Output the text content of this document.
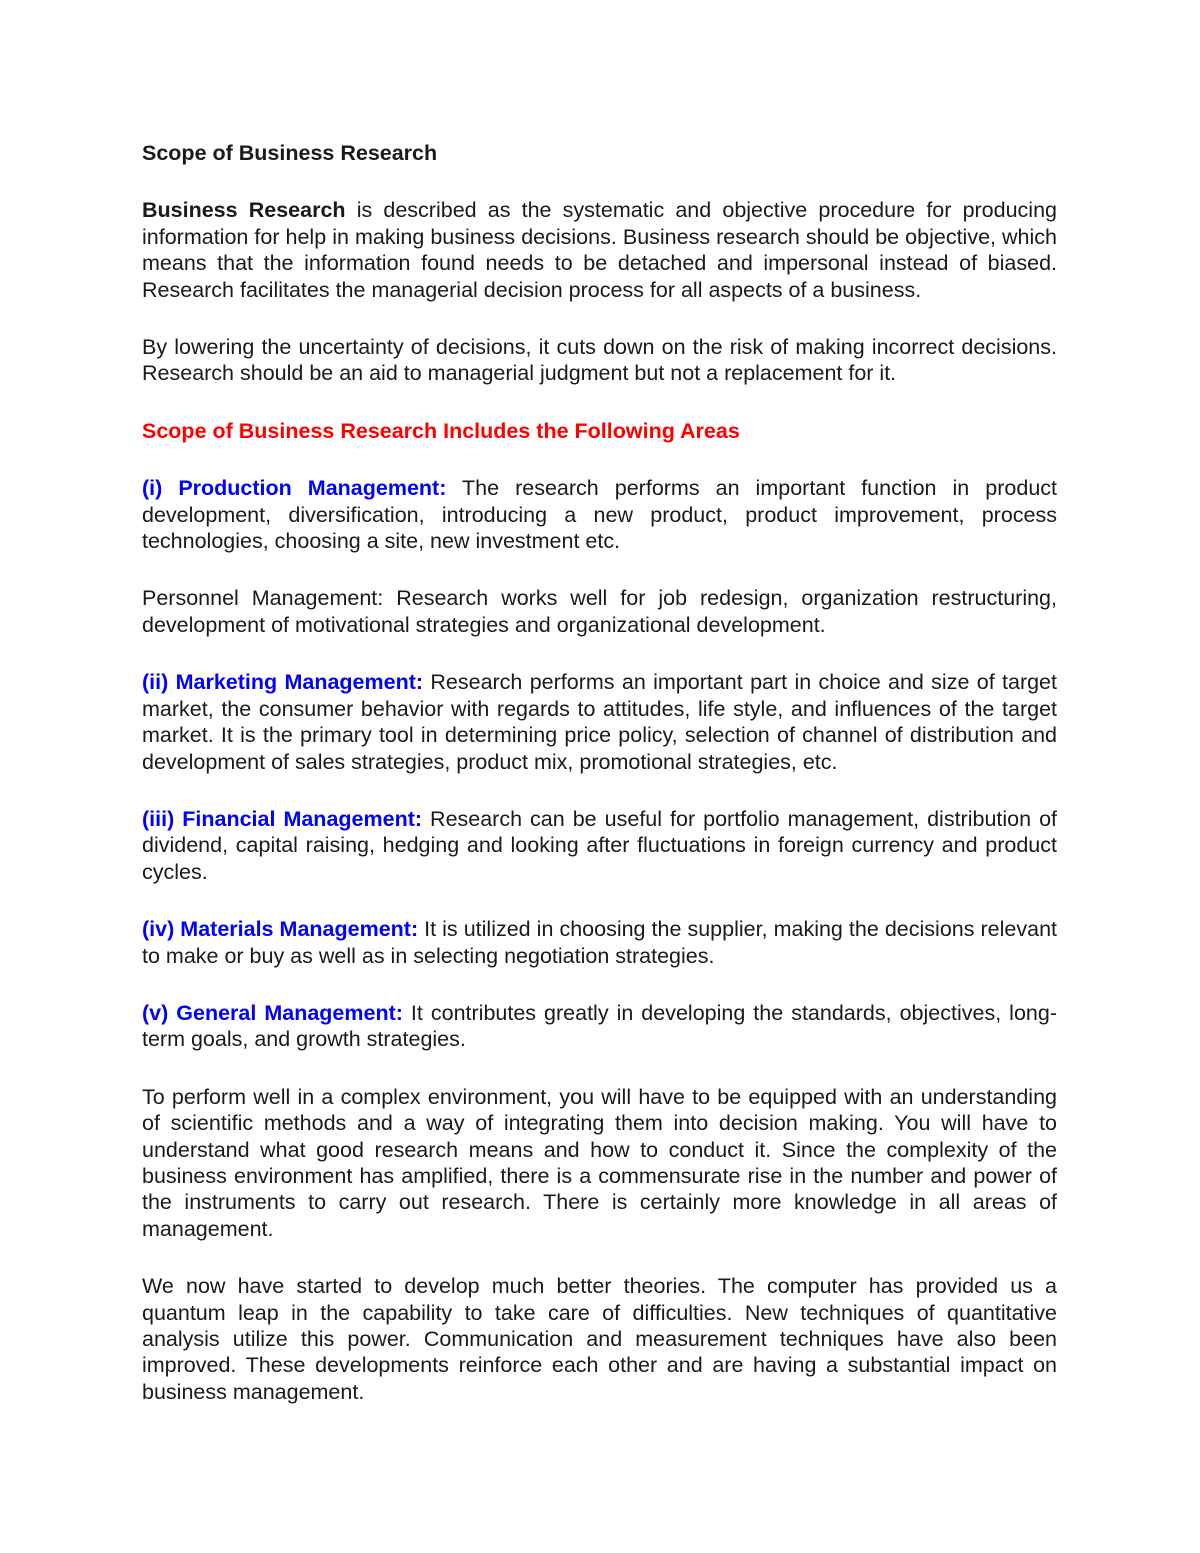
Scope of Business Research

Business Research is described as the systematic and objective procedure for producing information for help in making business decisions. Business research should be objective, which means that the information found needs to be detached and impersonal instead of biased. Research facilitates the managerial decision process for all aspects of a business.

By lowering the uncertainty of decisions, it cuts down on the risk of making incorrect decisions. Research should be an aid to managerial judgment but not a replacement for it.

Scope of Business Research Includes the Following Areas

(i) Production Management: The research performs an important function in product development, diversification, introducing a new product, product improvement, process technologies, choosing a site, new investment etc.

Personnel Management: Research works well for job redesign, organization restructuring, development of motivational strategies and organizational development.

(ii) Marketing Management: Research performs an important part in choice and size of target market, the consumer behavior with regards to attitudes, life style, and influences of the target market. It is the primary tool in determining price policy, selection of channel of distribution and development of sales strategies, product mix, promotional strategies, etc.

(iii) Financial Management: Research can be useful for portfolio management, distribution of dividend, capital raising, hedging and looking after fluctuations in foreign currency and product cycles.

(iv) Materials Management: It is utilized in choosing the supplier, making the decisions relevant to make or buy as well as in selecting negotiation strategies.

(v) General Management: It contributes greatly in developing the standards, objectives, long-term goals, and growth strategies.

To perform well in a complex environment, you will have to be equipped with an understanding of scientific methods and a way of integrating them into decision making. You will have to understand what good research means and how to conduct it. Since the complexity of the business environment has amplified, there is a commensurate rise in the number and power of the instruments to carry out research. There is certainly more knowledge in all areas of management.

We now have started to develop much better theories. The computer has provided us a quantum leap in the capability to take care of difficulties. New techniques of quantitative analysis utilize this power. Communication and measurement techniques have also been improved. These developments reinforce each other and are having a substantial impact on business management.
